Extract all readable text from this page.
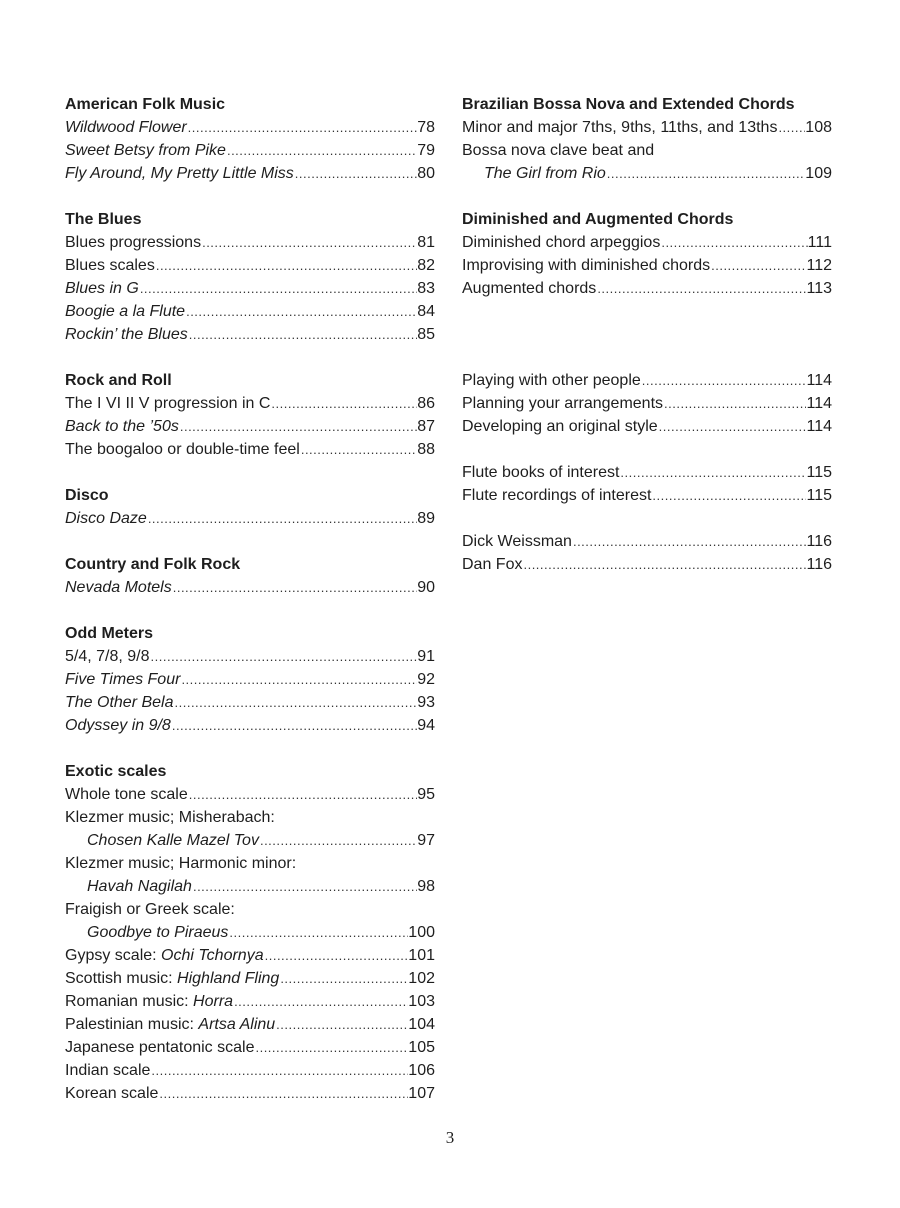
American Folk Music
Wildwood Flower .....	78
Sweet Betsy from Pike .....	79
Fly Around, My Pretty Little Miss .....	80
The Blues
Blues progressions .....	81
Blues scales .....	82
Blues in G .....	83
Boogie a la Flute .....	84
Rockin’ the Blues .....	85
Rock and Roll
The I VI II V progression in C .....	86
Back to the ’50s .....	87
The boogaloo or double-time feel .....	88
Disco
Disco Daze .....	89
Country and Folk Rock
Nevada Motels .....	90
Odd Meters
5/4, 7/8, 9/8 .....	91
Five Times Four .....	92
The Other Bela .....	93
Odyssey in 9/8 .....	94
Exotic scales
Whole tone scale .....	95
Klezmer music; Misherabach:
Chosen Kalle Mazel Tov .....	97
Klezmer music; Harmonic minor:
Havah Nagilah .....	98
Fraigish or Greek scale:
Goodbye to Piraeus .....	100
Gypsy scale: Ochi Tchornya .....	101
Scottish music: Highland Fling .....	102
Romanian music: Horra .....	103
Palestinian music: Artsa Alinu .....	104
Japanese pentatonic scale .....	105
Indian scale .....	106
Korean scale .....	107
Brazilian Bossa Nova and Extended Chords
Minor and major 7ths, 9ths, 11ths, and 13ths ..... 108
Bossa nova clave beat and
The Girl from Rio .....	109
Diminished and Augmented Chords
Diminished chord arpeggios .....	111
Improvising with diminished chords .....	112
Augmented chords .....	113
Playing with other people .....	114
Planning your arrangements .....	114
Developing an original style .....	114
Flute books of interest .....	115
Flute recordings of interest .....	115
Dick Weissman .....	116
Dan Fox .....	116
3
